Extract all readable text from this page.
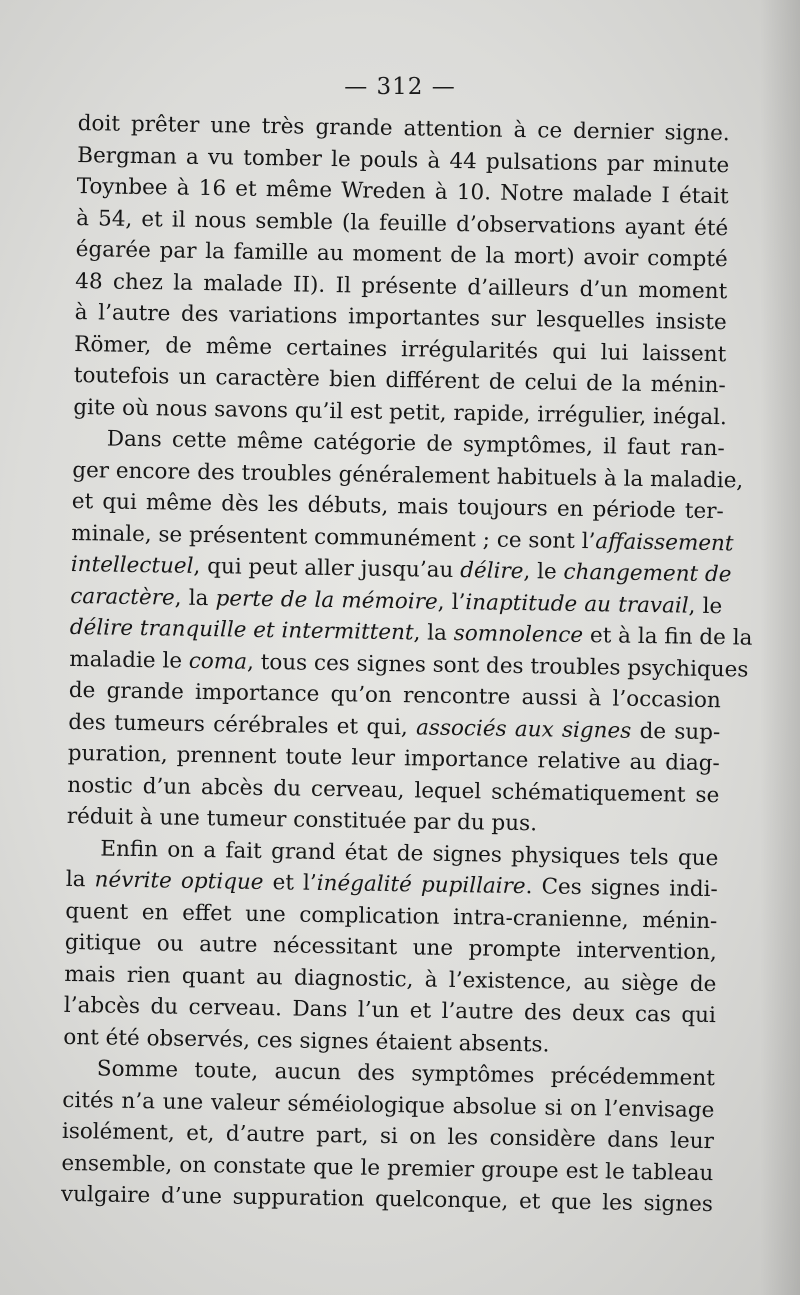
— 312 —
doit prêter une très grande attention à ce dernier signe.
Bergman a vu tomber le pouls à 44 pulsations par minute
Toynbee à 16 et même Wreden à 10. Notre malade I était
à 54, et il nous semble (la feuille d’observations ayant été
égarée par la famille au moment de la mort) avoir compté
48 chez la malade II). Il présente d’ailleurs d’un moment
à l’autre des variations importantes sur lesquelles insiste
Römer, de même certaines irrégularités qui lui laissent
toutefois un caractère bien différent de celui de la ménin-
gite où nous savons qu’il est petit, rapide, irrégulier, inégal.
Dans cette même catégorie de symptômes, il faut ran-
ger encore des troubles généralement habituels à la maladie,
et qui même dès les débuts, mais toujours en période ter-
minale, se présentent communément ; ce sont l’affaissement
intellectuel, qui peut aller jusqu’au délire, le changement de
caractère, la perte de la mémoire, l’inaptitude au travail, le
délire tranquille et intermittent, la somnolence et à la fin de la
maladie le coma, tous ces signes sont des troubles psychiques
de grande importance qu’on rencontre aussi à l’occasion
des tumeurs cérébrales et qui, associés aux signes de sup-
puration, prennent toute leur importance relative au diag-
nostic d’un abcès du cerveau, lequel schématiquement se
réduit à une tumeur constituée par du pus.
Enfin on a fait grand état de signes physiques tels que
la névrite optique et l’inégalité pupillaire. Ces signes indi-
quent en effet une complication intra-cranienne, ménin-
gitique ou autre nécessitant une prompte intervention,
mais rien quant au diagnostic, à l’existence, au siège de
l’abcès du cerveau. Dans l’un et l’autre des deux cas qui
ont été observés, ces signes étaient absents.
Somme toute, aucun des symptômes précédemment
cités n’a une valeur séméiologique absolue si on l’envisage
isolément, et, d’autre part, si on les considère dans leur
ensemble, on constate que le premier groupe est le tableau
vulgaire d’une suppuration quelconque, et que les signes
